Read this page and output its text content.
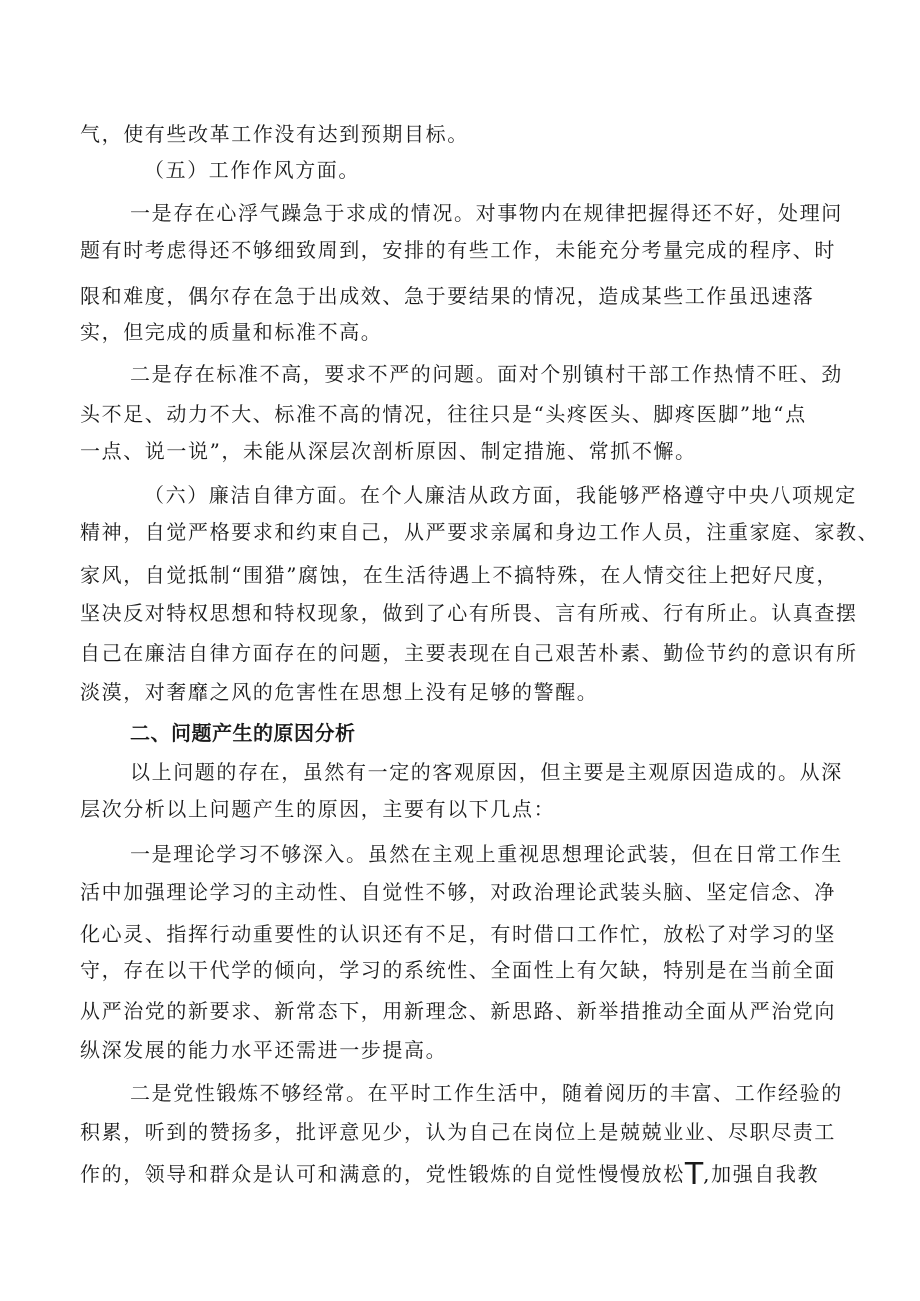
气，使有些改革工作没有达到预期目标。

（五）工作作风方面。

一是存在心浮气躁急于求成的情况。对事物内在规律把握得还不好，处理问

题有时考虑得还不够细致周到，安排的有些工作，未能充分考量完成的程序、时

限和难度，偶尔存在急于出成效、急于要结果的情况，造成某些工作虽迅速落

实，但完成的质量和标准不高。

二是存在标准不高，要求不严的问题。面对个别镇村干部工作热情不旺、劲

头不足、动力不大、标准不高的情况，往往只是“头疼医头、脚疼医脚”地“点

一点、说一说”，未能从深层次剖析原因、制定措施、常抓不懈。

（六）廉洁自律方面。在个人廉洁从政方面，我能够严格遵守中央八项规定

精神，自觉严格要求和约束自己，从严要求亲属和身边工作人员，注重家庭、家教、

家风，自觉抵制“围猎”腐蚀，在生活待遇上不搞特殊，在人情交往上把好尺度，

坚决反对特权思想和特权现象，做到了心有所畏、言有所戒、行有所止。认真查摆

自己在廉洁自律方面存在的问题，主要表现在自己艰苦朴素、勤俭节约的意识有所

淡漠，对奢靡之风的危害性在思想上没有足够的警醒。

二、问题产生的原因分析

以上问题的存在，虽然有一定的客观原因，但主要是主观原因造成的。从深

层次分析以上问题产生的原因，主要有以下几点：

一是理论学习不够深入。虽然在主观上重视思想理论武装，但在日常工作生

活中加强理论学习的主动性、自觉性不够，对政治理论武装头脑、坚定信念、净

化心灵、指挥行动重要性的认识还有不足，有时借口工作忙，放松了对学习的坚

守，存在以干代学的倾向，学习的系统性、全面性上有欠缺，特别是在当前全面

从严治党的新要求、新常态下，用新理念、新思路、新举措推动全面从严治党向

纵深发展的能力水平还需进一步提高。

二是党性锻炼不够经常。在平时工作生活中，随着阅历的丰富、工作经验的

积累，听到的赞扬多，批评意见少，认为自己在岗位上是兢兢业业、尽职尽责工

作的，领导和群众是认可和满意的，党性锻炼的自觉性慢慢放松T,加强自我教
